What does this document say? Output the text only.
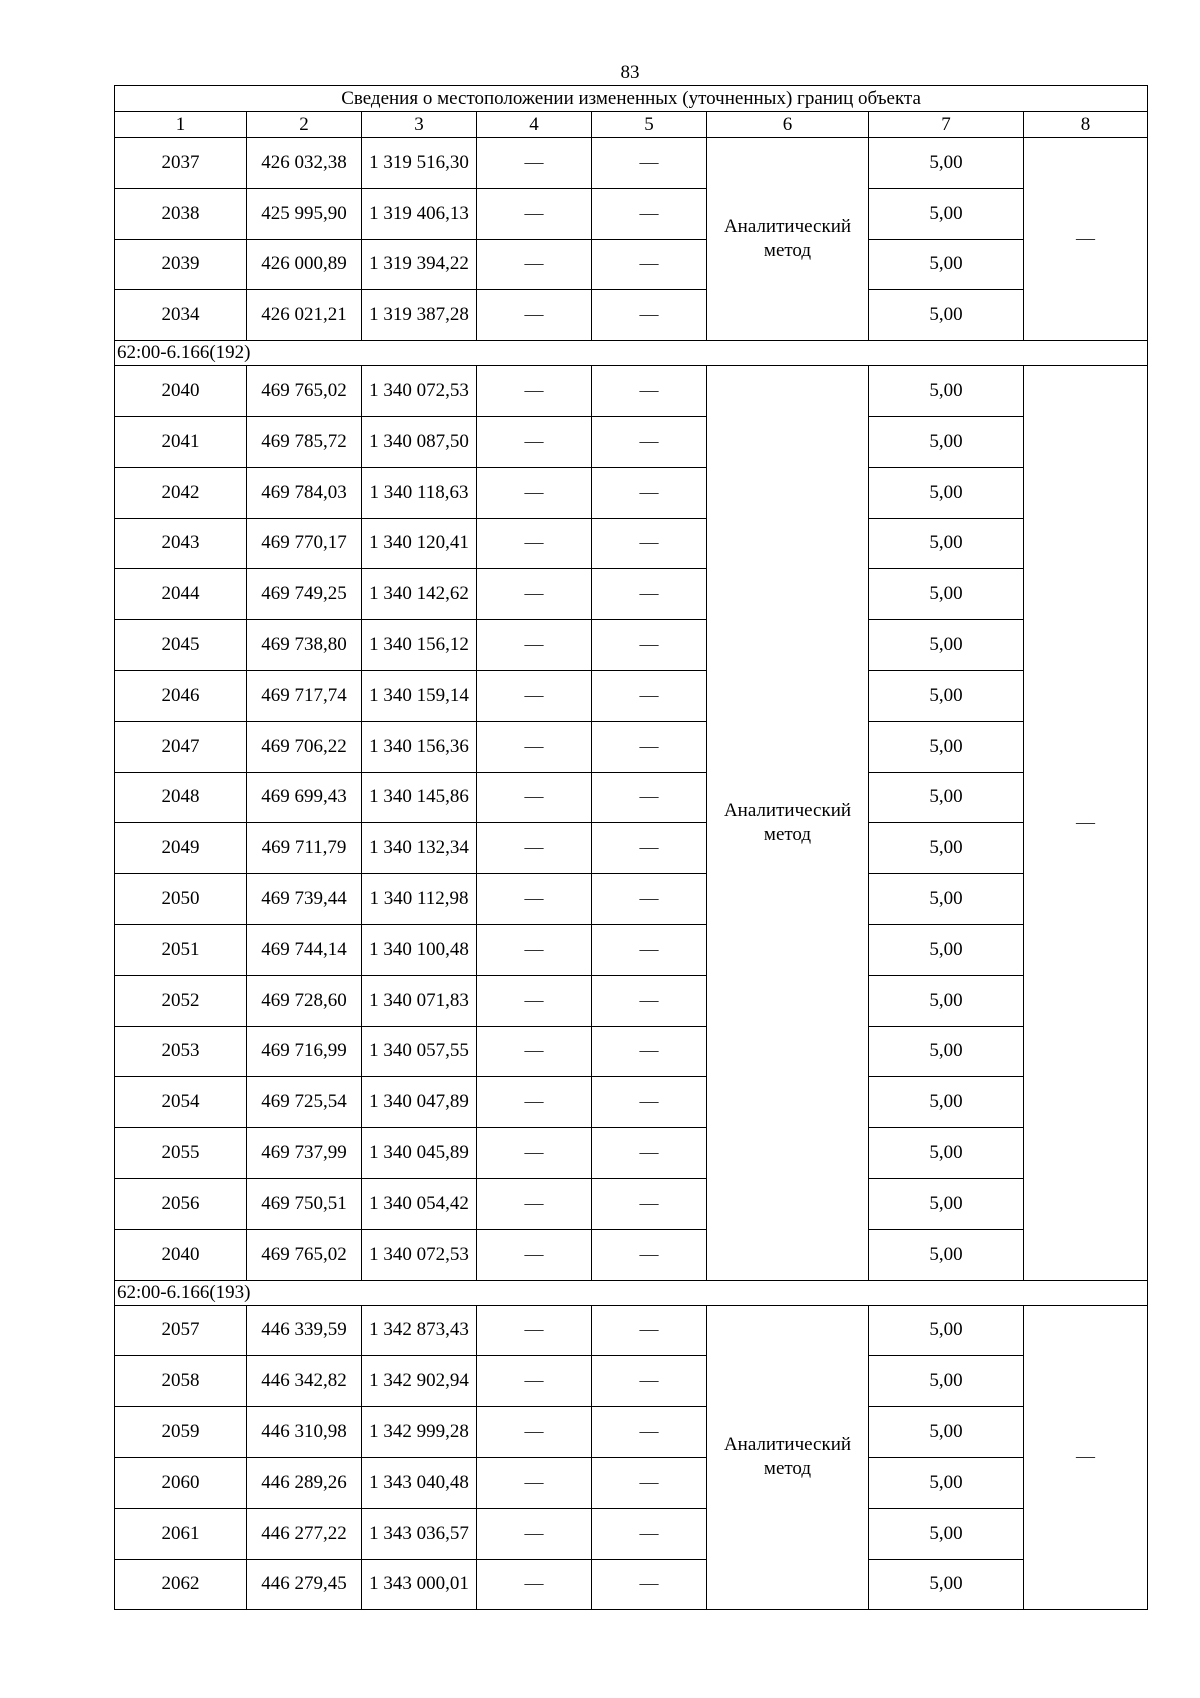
83
Сведения о местоположении измененных (уточненных) границ объекта							
1	2	3	4	5	6	7	8
2037	426 032,38	1 319 516,30	—	—	Аналитический метод	5,00	—
2038	425 995,90	1 319 406,13	—	—		5,00	
2039	426 000,89	1 319 394,22	—	—		5,00	
2034	426 021,21	1 319 387,28	—	—		5,00	
62:00-6.166(192)							
2040	469 765,02	1 340 072,53	—	—	Аналитический метод	5,00	—
2041	469 785,72	1 340 087,50	—	—		5,00	
2042	469 784,03	1 340 118,63	—	—		5,00	
2043	469 770,17	1 340 120,41	—	—		5,00	
2044	469 749,25	1 340 142,62	—	—		5,00	
2045	469 738,80	1 340 156,12	—	—		5,00	
2046	469 717,74	1 340 159,14	—	—		5,00	
2047	469 706,22	1 340 156,36	—	—		5,00	
2048	469 699,43	1 340 145,86	—	—		5,00	
2049	469 711,79	1 340 132,34	—	—		5,00	
2050	469 739,44	1 340 112,98	—	—		5,00	
2051	469 744,14	1 340 100,48	—	—		5,00	
2052	469 728,60	1 340 071,83	—	—		5,00	
2053	469 716,99	1 340 057,55	—	—		5,00	
2054	469 725,54	1 340 047,89	—	—		5,00	
2055	469 737,99	1 340 045,89	—	—		5,00	
2056	469 750,51	1 340 054,42	—	—		5,00	
2040	469 765,02	1 340 072,53	—	—		5,00	
62:00-6.166(193)							
2057	446 339,59	1 342 873,43	—	—	Аналитический метод	5,00	—
2058	446 342,82	1 342 902,94	—	—		5,00	
2059	446 310,98	1 342 999,28	—	—		5,00	
2060	446 289,26	1 343 040,48	—	—		5,00	
2061	446 277,22	1 343 036,57	—	—		5,00	
2062	446 279,45	1 343 000,01	—	—		5,00	
